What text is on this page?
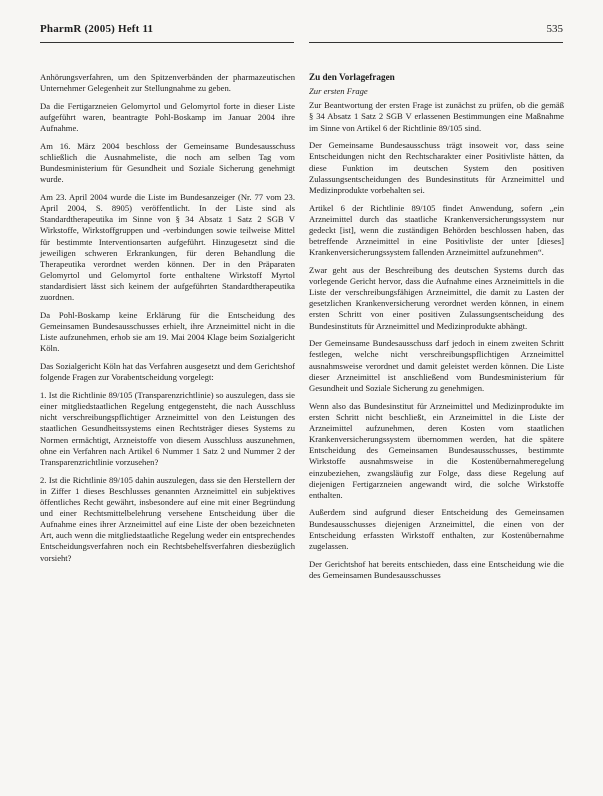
PharmR (2005) Heft 11	535

Anhörungsverfahren, um den Spitzenverbänden der pharmazeutischen Unternehmer Gelegenheit zur Stellungnahme zu geben.

Da die Fertigarzneien Gelomyrtol und Gelomyrtol forte in dieser Liste aufgeführt waren, beantragte Pohl-Boskamp im Januar 2004 ihre Aufnahme.

Am 16. März 2004 beschloss der Gemeinsame Bundesausschuss schließlich die Ausnahmeliste, die noch am selben Tag vom Bundesministerium für Gesundheit und Soziale Sicherung genehmigt wurde.

Am 23. April 2004 wurde die Liste im Bundesanzeiger (Nr. 77 vom 23. April 2004, S. 8905) veröffentlicht. In der Liste sind als Standardtherapeutika im Sinne von § 34 Absatz 1 Satz 2 SGB V Wirkstoffe, Wirkstoffgruppen und -verbindungen sowie teilweise Mittel für bestimmte Interventionsarten aufgeführt. Hinzugesetzt sind die jeweiligen schweren Erkrankungen, für deren Behandlung die Therapeutika verordnet werden können. Der in den Präparaten Gelomyrtol und Gelomyrtol forte enthaltene Wirkstoff Myrtol standardisiert lässt sich keinem der aufgeführten Standardtherapeutika zuordnen.

Da Pohl-Boskamp keine Erklärung für die Entscheidung des Gemeinsamen Bundesausschusses erhielt, ihre Arzneimittel nicht in die Liste aufzunehmen, erhob sie am 19. Mai 2004 Klage beim Sozialgericht Köln.

Das Sozialgericht Köln hat das Verfahren ausgesetzt und dem Gerichtshof folgende Fragen zur Vorabentscheidung vorgelegt:

1. Ist die Richtlinie 89/105 (Transparenzrichtlinie) so auszulegen, dass sie einer mitgliedstaatlichen Regelung entgegensteht, die nach Ausschluss nicht verschreibungspflichtiger Arzneimittel von den Leistungen des staatlichen Gesundheitssystems einen Rechtsträger dieses Systems zu Normen ermächtigt, Arzneistoffe von diesem Ausschluss auszunehmen, ohne ein Verfahren nach Artikel 6 Nummer 1 Satz 2 und Nummer 2 der Transparenzrichtlinie vorzusehen?

2. Ist die Richtlinie 89/105 dahin auszulegen, dass sie den Herstellern der in Ziffer 1 dieses Beschlusses genannten Arzneimittel ein subjektives öffentliches Recht gewährt, insbesondere auf eine mit einer Begründung und einer Rechtsmittelbelehrung versehene Entscheidung über die Aufnahme eines ihrer Arzneimittel auf eine Liste der oben bezeichneten Art, auch wenn die mitgliedstaatliche Regelung weder ein entsprechendes Entscheidungsverfahren noch ein Rechtsbehelfsverfahren diesbezüglich vorsieht?

Zu den Vorlagefragen
Zur ersten Frage

Zur Beantwortung der ersten Frage ist zunächst zu prüfen, ob die gemäß § 34 Absatz 1 Satz 2 SGB V erlassenen Bestimmungen eine Maßnahme im Sinne von Artikel 6 der Richtlinie 89/105 sind.

Der Gemeinsame Bundesausschuss trägt insoweit vor, dass seine Entscheidungen nicht den Rechtscharakter einer Positivliste hätten, da diese Funktion im deutschen System den positiven Zulassungsentscheidungen des Bundesinstituts für Arzneimittel und Medizinprodukte vorbehalten sei.

Artikel 6 der Richtlinie 89/105 findet Anwendung, sofern „ein Arzneimittel durch das staatliche Krankenversicherungssystem nur gedeckt [ist], wenn die zuständigen Behörden beschlossen haben, das betreffende Arzneimittel in eine Positivliste der unter [dieses] Krankenversicherungssystem fallenden Arzneimittel aufzunehmen“.

Zwar geht aus der Beschreibung des deutschen Systems durch das vorlegende Gericht hervor, dass die Aufnahme eines Arzneimittels in die Liste der verschreibungsfähigen Arzneimittel, die damit zu Lasten der gesetzlichen Krankenversicherung verordnet werden können, in einem ersten Schritt von einer positiven Zulassungsentscheidung des Bundesinstituts für Arzneimittel und Medizinprodukte abhängt.

Der Gemeinsame Bundesausschuss darf jedoch in einem zweiten Schritt festlegen, welche nicht verschreibungspflichtigen Arzneimittel ausnahmsweise verordnet und damit geleistet werden können. Die Liste dieser Arzneimittel ist anschließend vom Bundesministerium für Gesundheit und Soziale Sicherung zu genehmigen.

Wenn also das Bundesinstitut für Arzneimittel und Medizinprodukte im ersten Schritt nicht beschließt, ein Arzneimittel in die Liste der Arzneimittel aufzunehmen, deren Kosten vom staatlichen Krankenversicherungssystem übernommen werden, hat die spätere Entscheidung des Gemeinsamen Bundesausschusses, bestimmte Wirkstoffe ausnahmsweise in die Kostenübernahmeregelung einzubeziehen, zwangsläufig zur Folge, dass diese Regelung auf diejenigen Fertigarzneien angewandt wird, die solche Wirkstoffe enthalten.

Außerdem sind aufgrund dieser Entscheidung des Gemeinsamen Bundesausschusses diejenigen Arzneimittel, die einen von der Entscheidung erfassten Wirkstoff enthalten, zur Kostenübernahme zugelassen.

Der Gerichtshof hat bereits entschieden, dass eine Entscheidung wie die des Gemeinsamen Bundesausschusses
